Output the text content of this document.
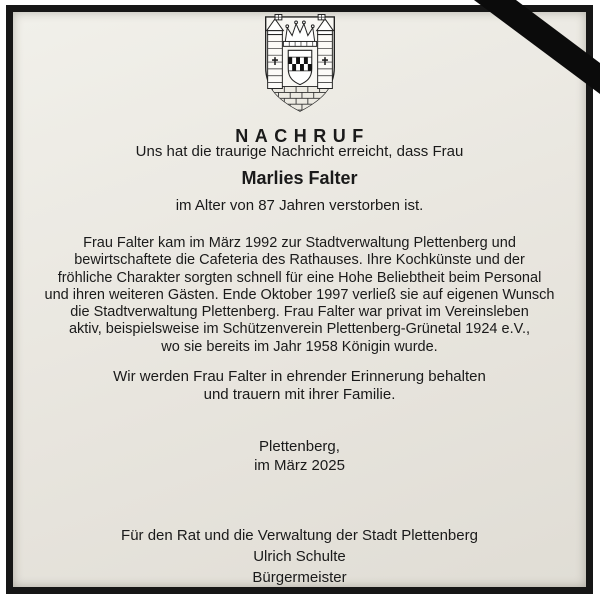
NACHRUF
Uns hat die traurige Nachricht erreicht, dass Frau
Marlies Falter
im Alter von 87 Jahren verstorben ist.
Frau Falter kam im März 1992 zur Stadtverwaltung Plettenberg und
bewirtschaftete die Cafeteria des Rathauses. Ihre Kochkünste und der
fröhliche Charakter sorgten schnell für eine Hohe Beliebtheit beim Personal
und ihren weiteren Gästen. Ende Oktober 1997 verließ sie auf eigenen Wunsch
die Stadtverwaltung Plettenberg. Frau Falter war privat im Vereinsleben
aktiv, beispielsweise im Schützenverein Plettenberg-Grünetal 1924 e.V.,
wo sie bereits im Jahr 1958 Königin wurde.
Wir werden Frau Falter in ehrender Erinnerung behalten
und trauern mit ihrer Familie.
Plettenberg,
im März 2025
Für den Rat und die Verwaltung der Stadt Plettenberg
Ulrich Schulte
Bürgermeister
